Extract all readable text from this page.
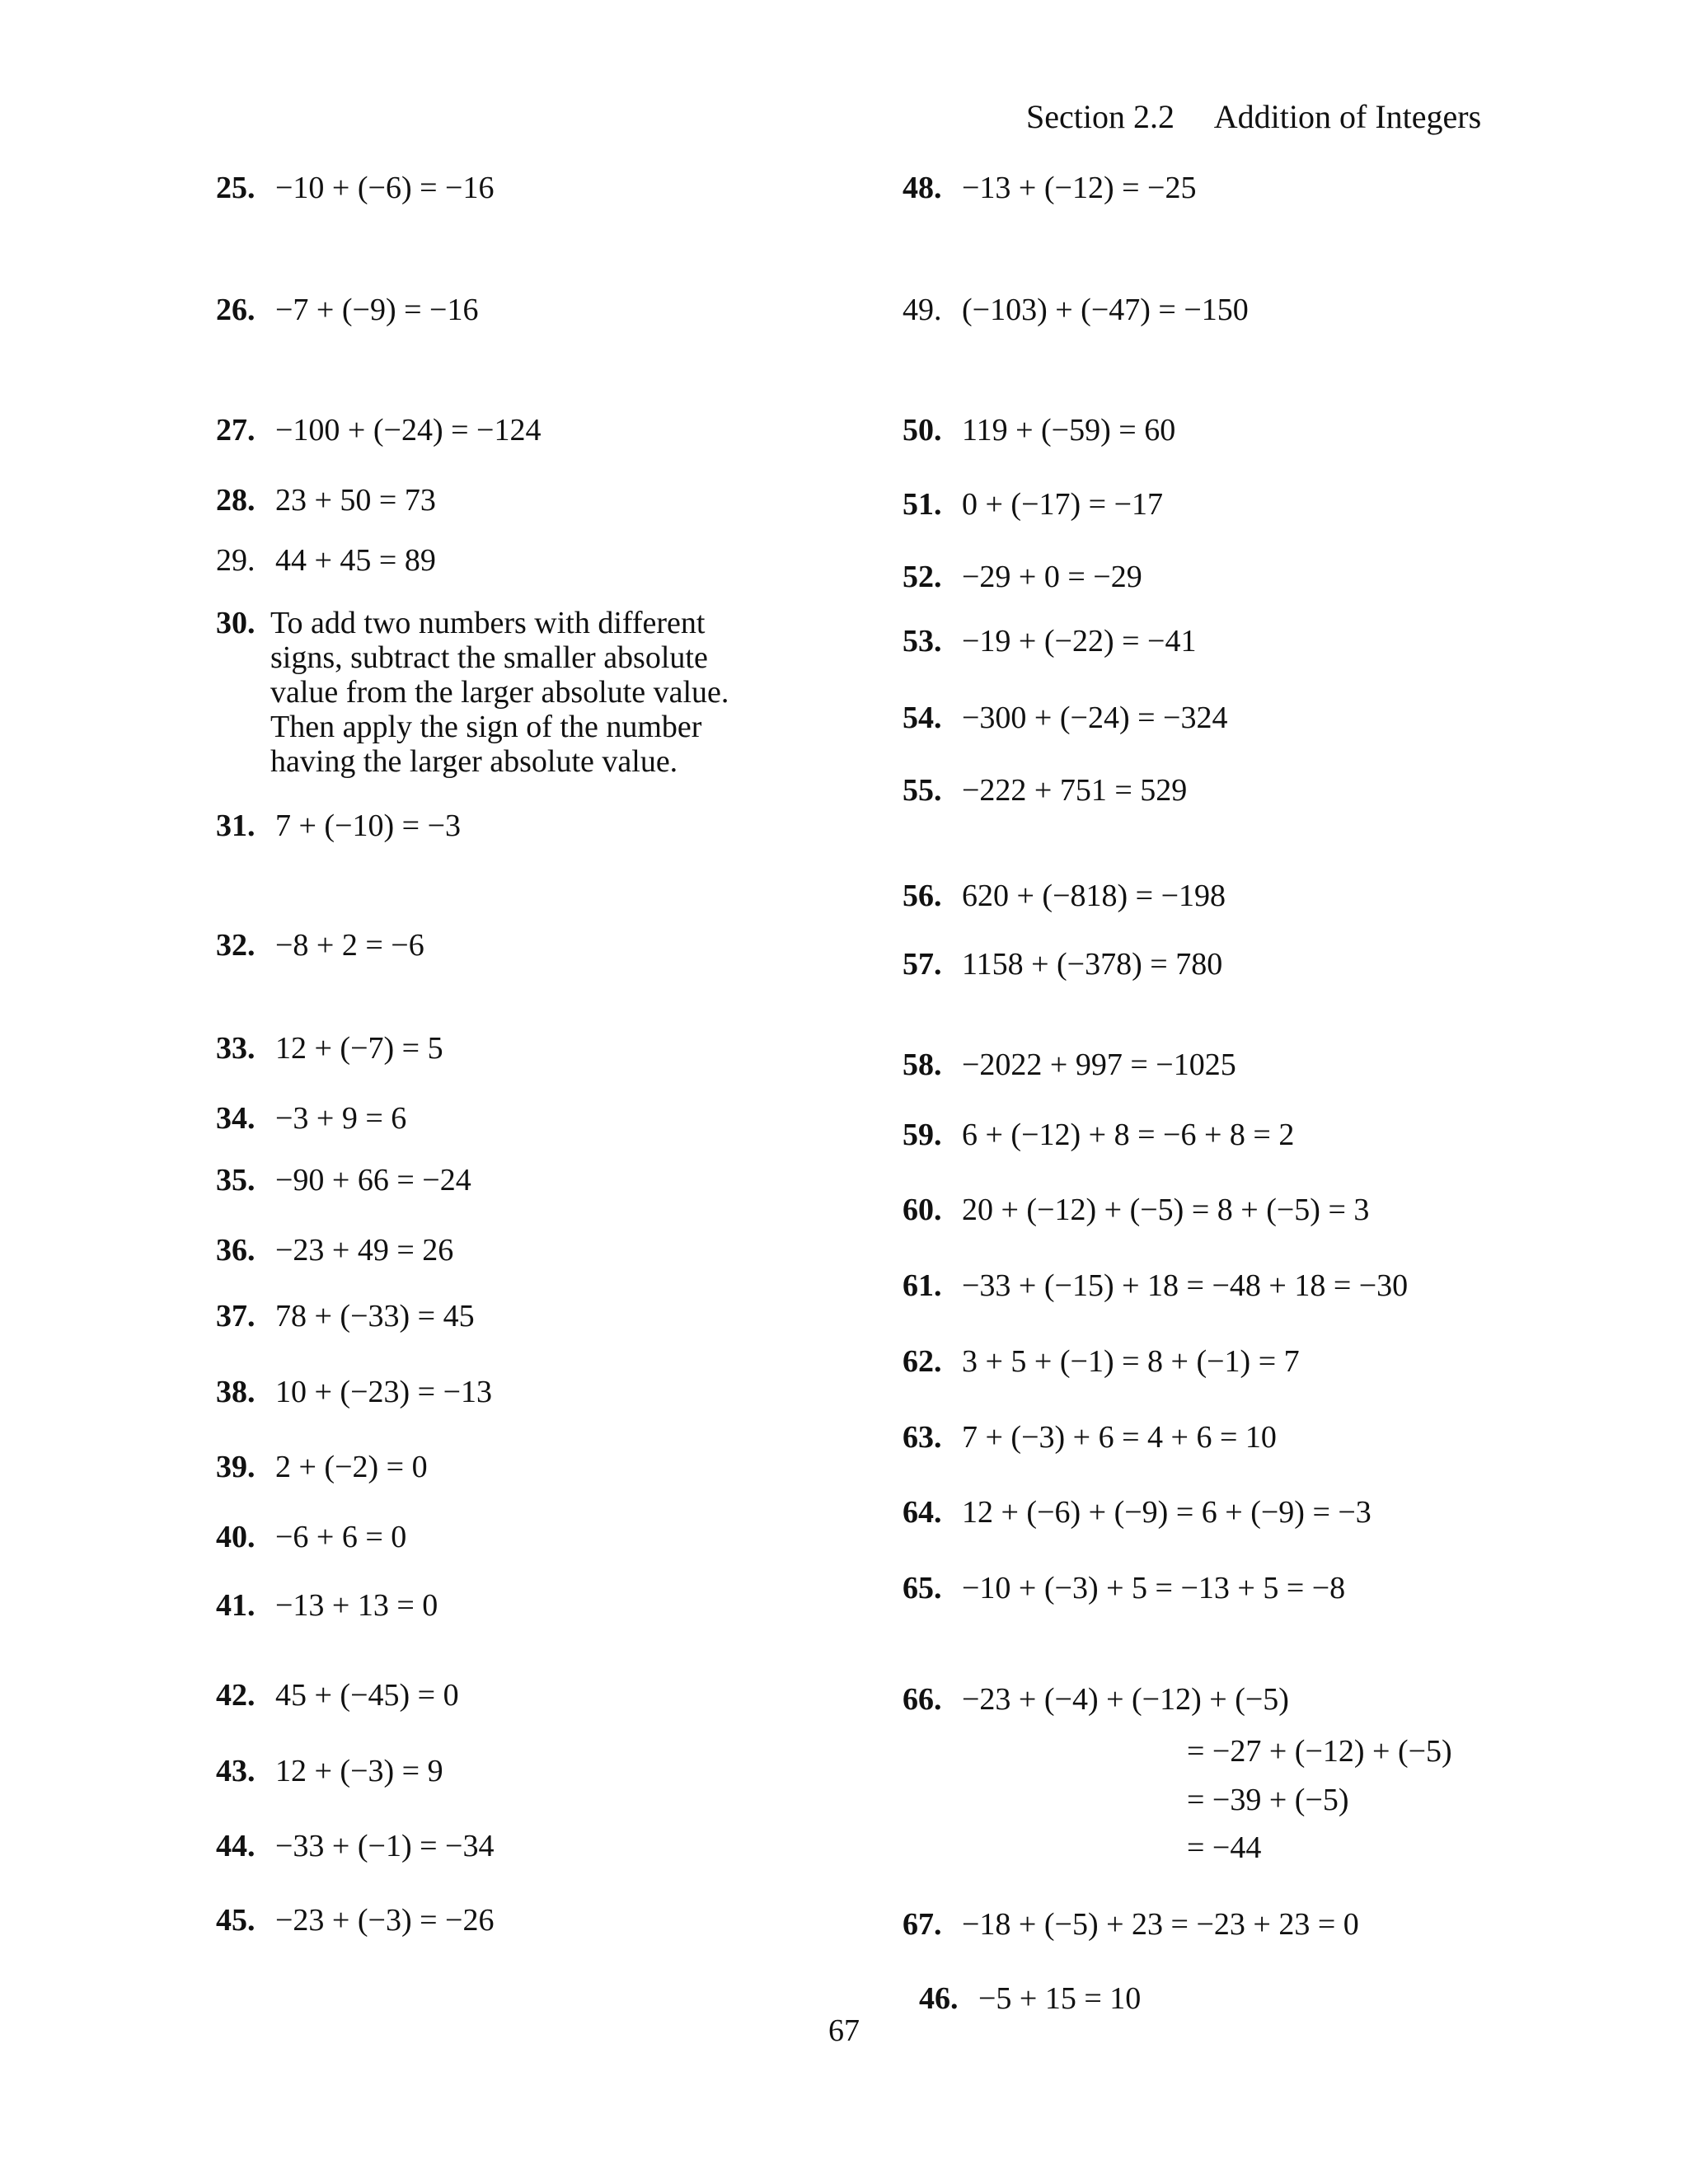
Section 2.2 Addition of Integers
25. −10 + (−6) = −16
26. −7 + (−9) = −16
27. −100 + (−24) = −124
28. 23 + 50 = 73
29. 44 + 45 = 89
30. To add two numbers with different signs, subtract the smaller absolute value from the larger absolute value. Then apply the sign of the number having the larger absolute value.
31. 7 + (−10) = −3
32. −8 + 2 = −6
33. 12 + (−7) = 5
34. −3 + 9 = 6
35. −90 + 66 = −24
36. −23 + 49 = 26
37. 78 + (−33) = 45
38. 10 + (−23) = −13
39. 2 + (−2) = 0
40. −6 + 6 = 0
41. −13 + 13 = 0
42. 45 + (−45) = 0
43. 12 + (−3) = 9
44. −33 + (−1) = −34
45. −23 + (−3) = −26
48. −13 + (−12) = −25
49. (−103) + (−47) = −150
50. 119 + (−59) = 60
51. 0 + (−17) = −17
52. −29 + 0 = −29
53. −19 + (−22) = −41
54. −300 + (−24) = −324
55. −222 + 751 = 529
56. 620 + (−818) = −198
57. 1158 + (−378) = 780
58. −2022 + 997 = −1025
59. 6 + (−12) + 8 = −6 + 8 = 2
60. 20 + (−12) + (−5) = 8 + (−5) = 3
61. −33 + (−15) + 18 = −48 + 18 = −30
62. 3 + 5 + (−1) = 8 + (−1) = 7
63. 7 + (−3) + 6 = 4 + 6 = 10
64. 12 + (−6) + (−9) = 6 + (−9) = −3
65. −10 + (−3) + 5 = −13 + 5 = −8
66. −23 + (−4) + (−12) + (−5)
= −27 + (−12) + (−5)
= −39 + (−5)
= −44
67. −18 + (−5) + 23 = −23 + 23 = 0
46. −5 + 15 = 10
67
